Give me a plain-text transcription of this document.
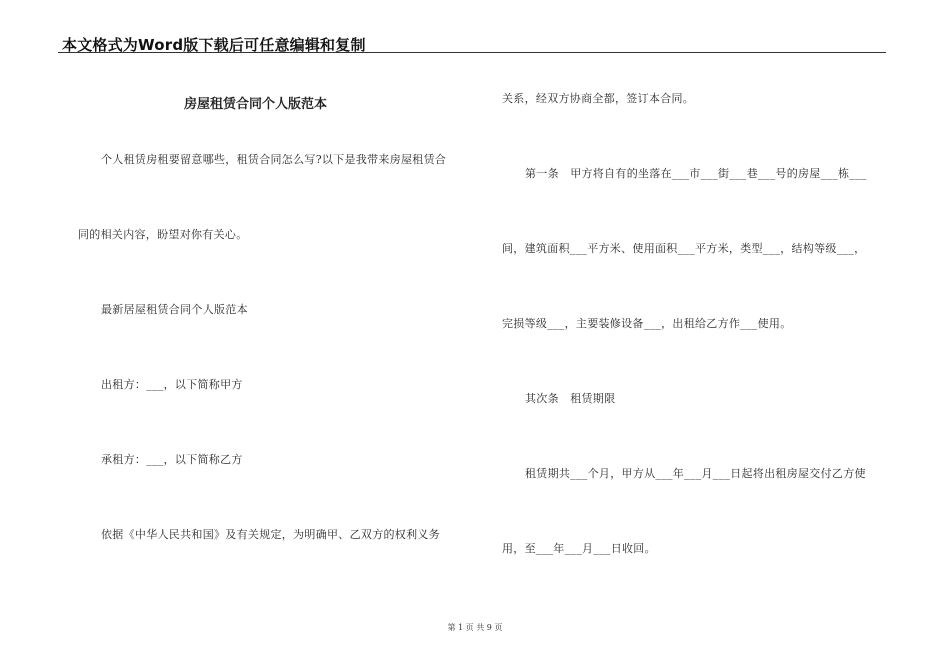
本文格式为Word版下载后可任意编辑和复制
房屋租赁合同个人版范本
个人租赁房租要留意哪些，租赁合同怎么写?以下是我带来房屋租赁合
同的相关内容，盼望对你有关心。
最新居屋租赁合同个人版范本
出租方：___，以下简称甲方
承租方：___，以下简称乙方
依据《中华人民共和国》及有关规定，为明确甲、乙双方的权利义务
关系，经双方协商全都，签订本合同。
第一条　甲方将自有的坐落在___市___街___巷___号的房屋___栋___
间，建筑面积___平方米、使用面积___平方米，类型___，结构等级___，
完损等级___，主要装修设备___，出租给乙方作___使用。
其次条　租赁期限
租赁期共___个月，甲方从___年___月___日起将出租房屋交付乙方使
用，至___年___月___日收回。
第 1 页 共 9 页
